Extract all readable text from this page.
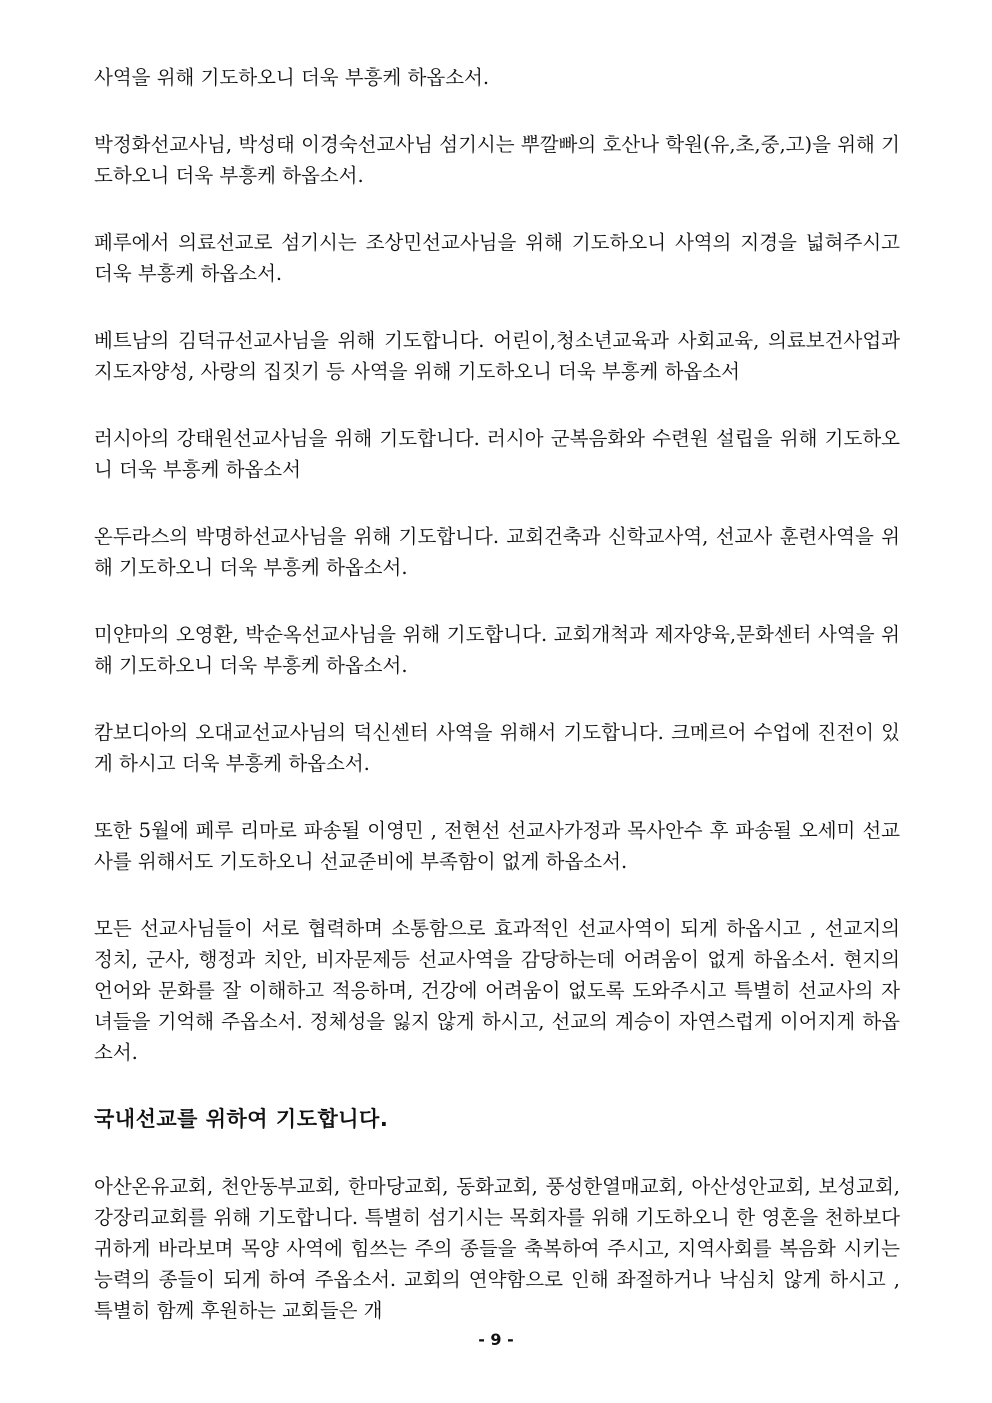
사역을 위해 기도하오니 더욱 부흥케 하옵소서.

박정화선교사님, 박성태 이경숙선교사님 섬기시는 뿌깔빠의 호산나 학원(유,초,중,고)을 위해 기도하오니 더욱 부흥케 하옵소서.

페루에서 의료선교로 섬기시는 조상민선교사님을 위해 기도하오니 사역의 지경을 넓혀주시고 더욱 부흥케 하옵소서.

베트남의 김덕규선교사님을 위해 기도합니다. 어린이,청소년교육과 사회교육, 의료보건사업과 지도자양성, 사랑의 집짓기 등 사역을 위해 기도하오니 더욱 부흥케 하옵소서

러시아의 강태원선교사님을 위해 기도합니다. 러시아 군복음화와 수련원 설립을 위해 기도하오니 더욱 부흥케 하옵소서

온두라스의 박명하선교사님을 위해 기도합니다. 교회건축과 신학교사역, 선교사 훈련사역을 위해 기도하오니 더욱 부흥케 하옵소서.

미얀마의 오영환, 박순옥선교사님을 위해 기도합니다. 교회개척과 제자양육,문화센터 사역을 위해 기도하오니 더욱 부흥케 하옵소서.

캄보디아의 오대교선교사님의 덕신센터 사역을 위해서 기도합니다. 크메르어 수업에 진전이 있게 하시고 더욱 부흥케 하옵소서.

또한 5월에 페루 리마로 파송될 이영민 , 전현선 선교사가정과 목사안수 후 파송될 오세미 선교사를 위해서도 기도하오니 선교준비에 부족함이 없게 하옵소서.

모든 선교사님들이 서로 협력하며 소통함으로 효과적인 선교사역이 되게 하옵시고 , 선교지의 정치, 군사, 행정과 치안, 비자문제등 선교사역을 감당하는데 어려움이 없게 하옵소서. 현지의 언어와 문화를 잘 이해하고 적응하며, 건강에 어려움이 없도록 도와주시고 특별히 선교사의 자녀들을 기억해 주옵소서. 정체성을 잃지 않게 하시고, 선교의 계승이 자연스럽게 이어지게 하옵소서.

국내선교를 위하여 기도합니다.

아산온유교회, 천안동부교회, 한마당교회, 동화교회, 풍성한열매교회, 아산성안교회, 보성교회, 강장리교회를 위해 기도합니다. 특별히 섬기시는 목회자를 위해 기도하오니 한 영혼을 천하보다 귀하게 바라보며 목양 사역에 힘쓰는 주의 종들을 축복하여 주시고, 지역사회를 복음화 시키는 능력의 종들이 되게 하여 주옵소서. 교회의 연약함으로 인해 좌절하거나 낙심치 않게 하시고 , 특별히 함께 후원하는 교회들은 개

- 9 -
